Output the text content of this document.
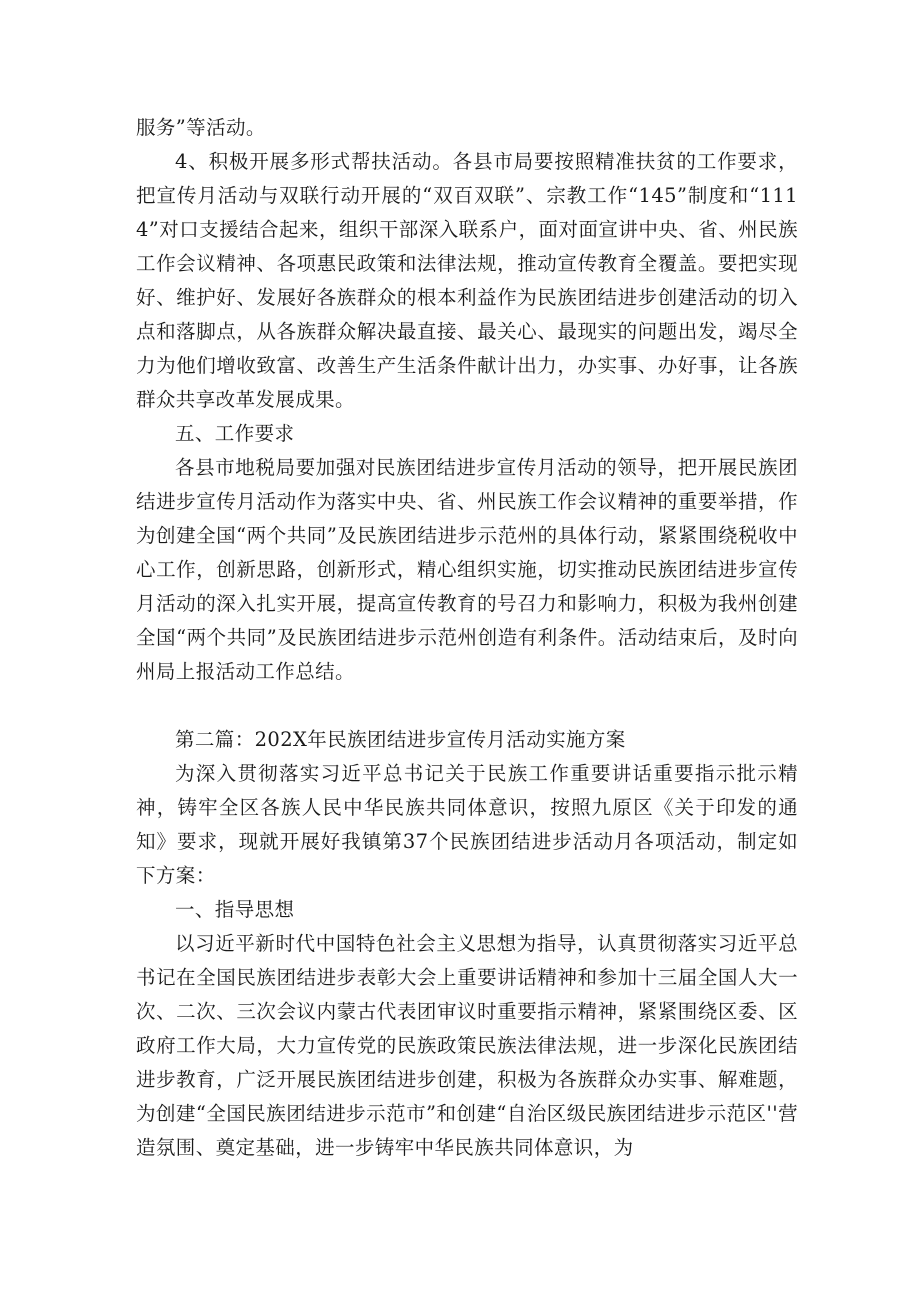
服务”等活动。

4、积极开展多形式帮扶活动。各县市局要按照精准扶贫的工作要求，把宣传月活动与双联行动开展的“双百双联”、宗教工作“145”制度和“1114”对口支援结合起来，组织干部深入联系户，面对面宣讲中央、省、州民族工作会议精神、各项惠民政策和法律法规，推动宣传教育全覆盖。要把实现好、维护好、发展好各族群众的根本利益作为民族团结进步创建活动的切入点和落脚点，从各族群众解决最直接、最关心、最现实的问题出发，竭尽全力为他们增收致富、改善生产生活条件献计出力，办实事、办好事，让各族群众共享改革发展成果。

五、工作要求

各县市地税局要加强对民族团结进步宣传月活动的领导，把开展民族团结进步宣传月活动作为落实中央、省、州民族工作会议精神的重要举措，作为创建全国“两个共同”及民族团结进步示范州的具体行动，紧紧围绕税收中心工作，创新思路，创新形式，精心组织实施，切实推动民族团结进步宣传月活动的深入扎实开展，提高宣传教育的号召力和影响力，积极为我州创建全国“两个共同”及民族团结进步示范州创造有利条件。活动结束后，及时向州局上报活动工作总结。

第二篇：202X年民族团结进步宣传月活动实施方案

为深入贯彻落实习近平总书记关于民族工作重要讲话重要指示批示精神，铸牢全区各族人民中华民族共同体意识，按照九原区《关于印发的通知》要求，现就开展好我镇第37个民族团结进步活动月各项活动，制定如下方案：

一、指导思想

以习近平新时代中国特色社会主义思想为指导，认真贯彻落实习近平总书记在全国民族团结进步表彰大会上重要讲话精神和参加十三届全国人大一次、二次、三次会议内蒙古代表团审议时重要指示精神，紧紧围绕区委、区政府工作大局，大力宣传党的民族政策民族法律法规，进一步深化民族团结进步教育，广泛开展民族团结进步创建，积极为各族群众办实事、解难题，为创建“全国民族团结进步示范市”和创建“自治区级民族团结进步示范区''营造氛围、奠定基础，进一步铸牢中华民族共同体意识，为
